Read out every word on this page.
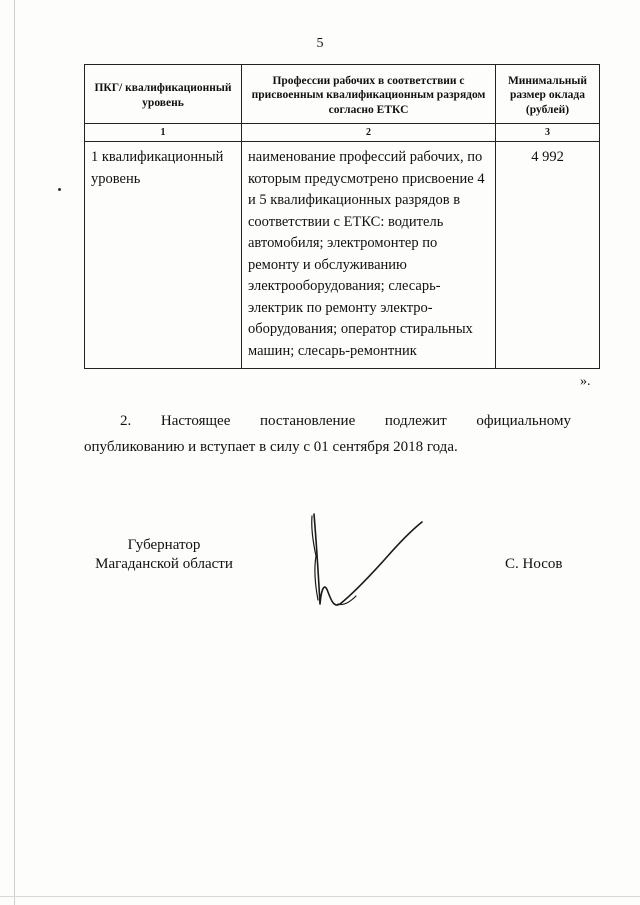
5
ПКГ/ квалификационный уровень	Профессии рабочих в соответствии с присвоенным квалификационным разрядом согласно ЕТКС	Минимальный размер оклада (рублей)
1	2	3
1 квалификационный уровень	наименование профессий рабочих, по которым предусмотрено присвоение 4 и 5 квалификационных разрядов в соответствии с ЕТКС: водитель автомобиля; электромонтер по ремонту и обслуживанию электрооборудования; слесарь-электрик по ремонту электро-оборудования; оператор стиральных машин; слесарь-ремонтник	4 992
».
2. Настоящее постановление подлежит официальному
опубликованию и вступает в силу с 01 сентября 2018 года.
Губернатор Магаданской области	С. Носов
